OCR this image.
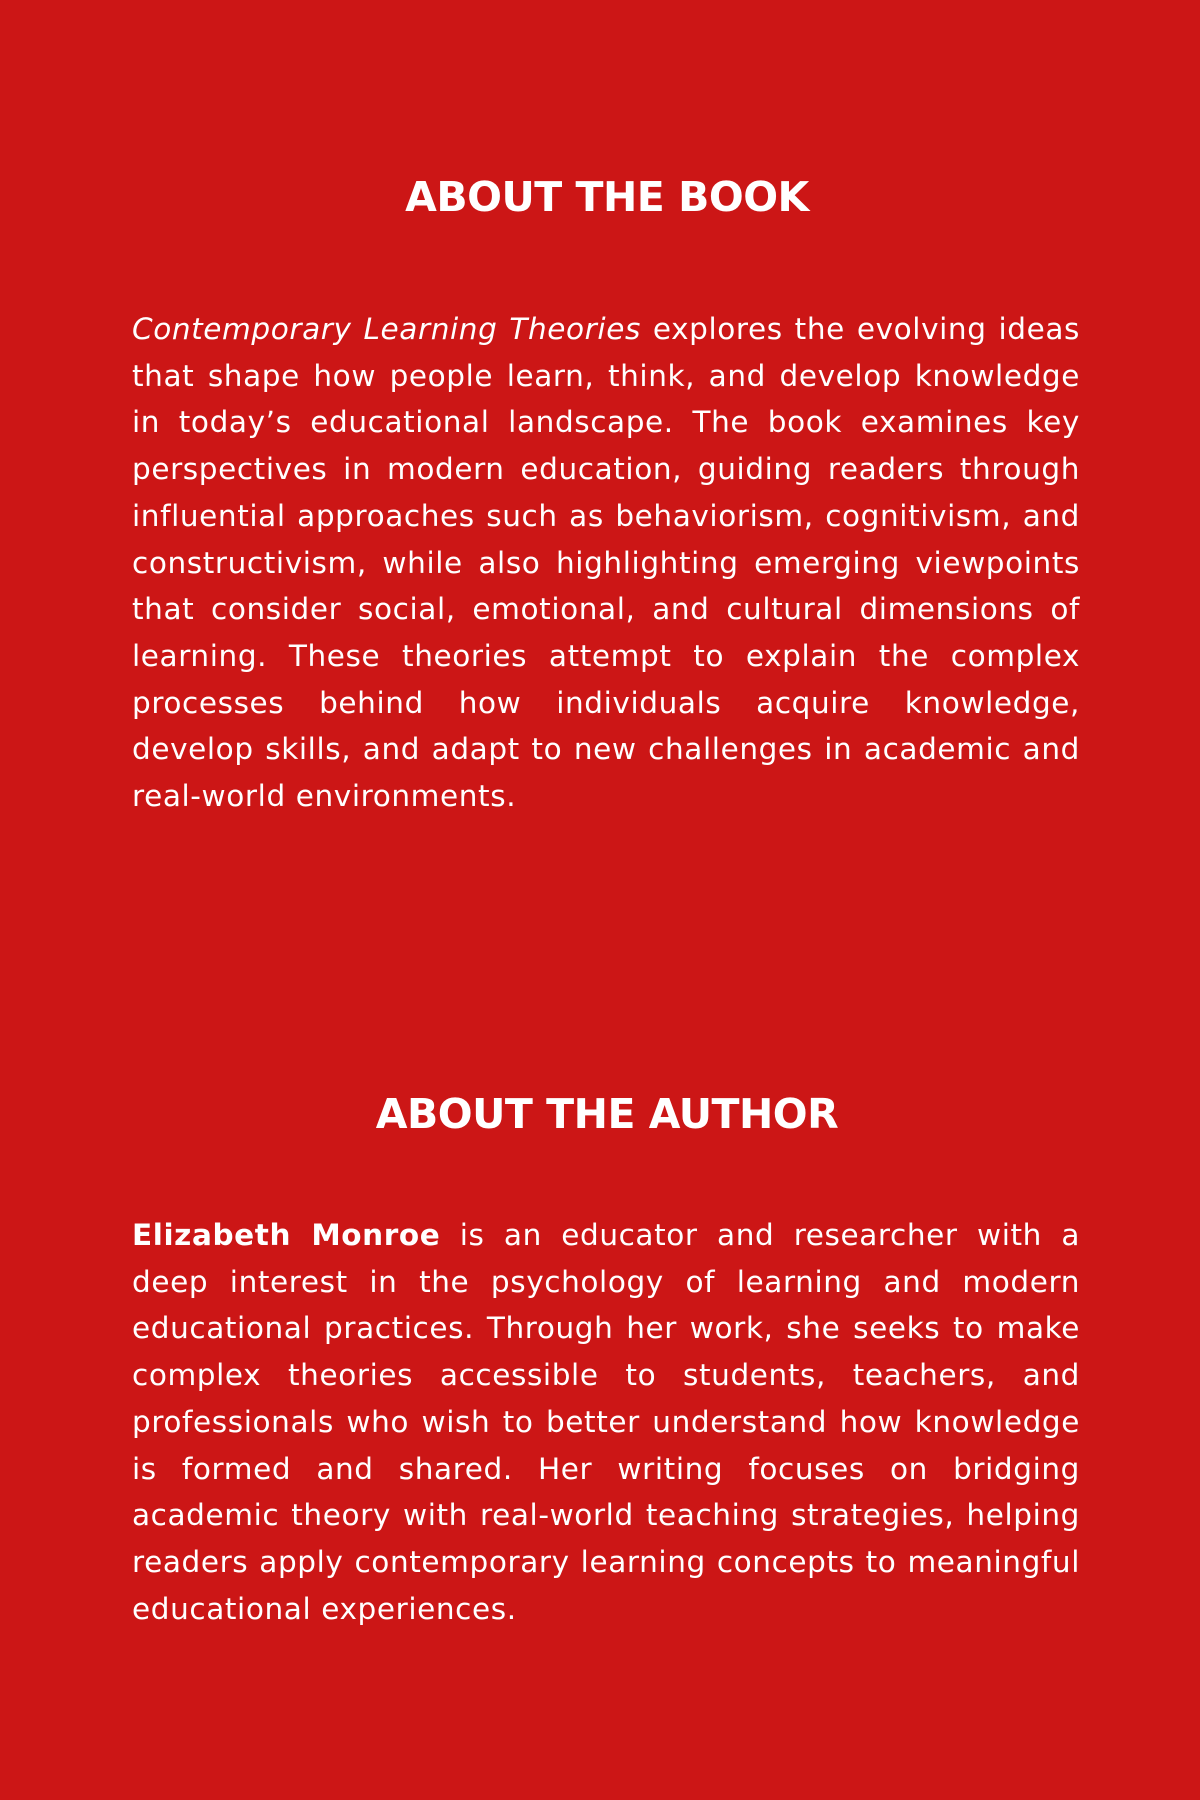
ABOUT THE BOOK

Contemporary Learning Theories explores the evolving ideas that shape how people learn, think, and develop knowledge in today’s educational landscape. The book examines key perspectives in modern education, guiding readers through influential approaches such as behaviorism, cognitivism, and constructivism, while also highlighting emerging viewpoints that consider social, emotional, and cultural dimensions of learning. These theories attempt to explain the complex processes behind how individuals acquire knowledge, develop skills, and adapt to new challenges in academic and real-world environments.

ABOUT THE AUTHOR

Elizabeth Monroe is an educator and researcher with a deep interest in the psychology of learning and modern educational practices. Through her work, she seeks to make complex theories accessible to students, teachers, and professionals who wish to better understand how knowledge is formed and shared. Her writing focuses on bridging academic theory with real-world teaching strategies, helping readers apply contemporary learning concepts to meaningful educational experiences.
